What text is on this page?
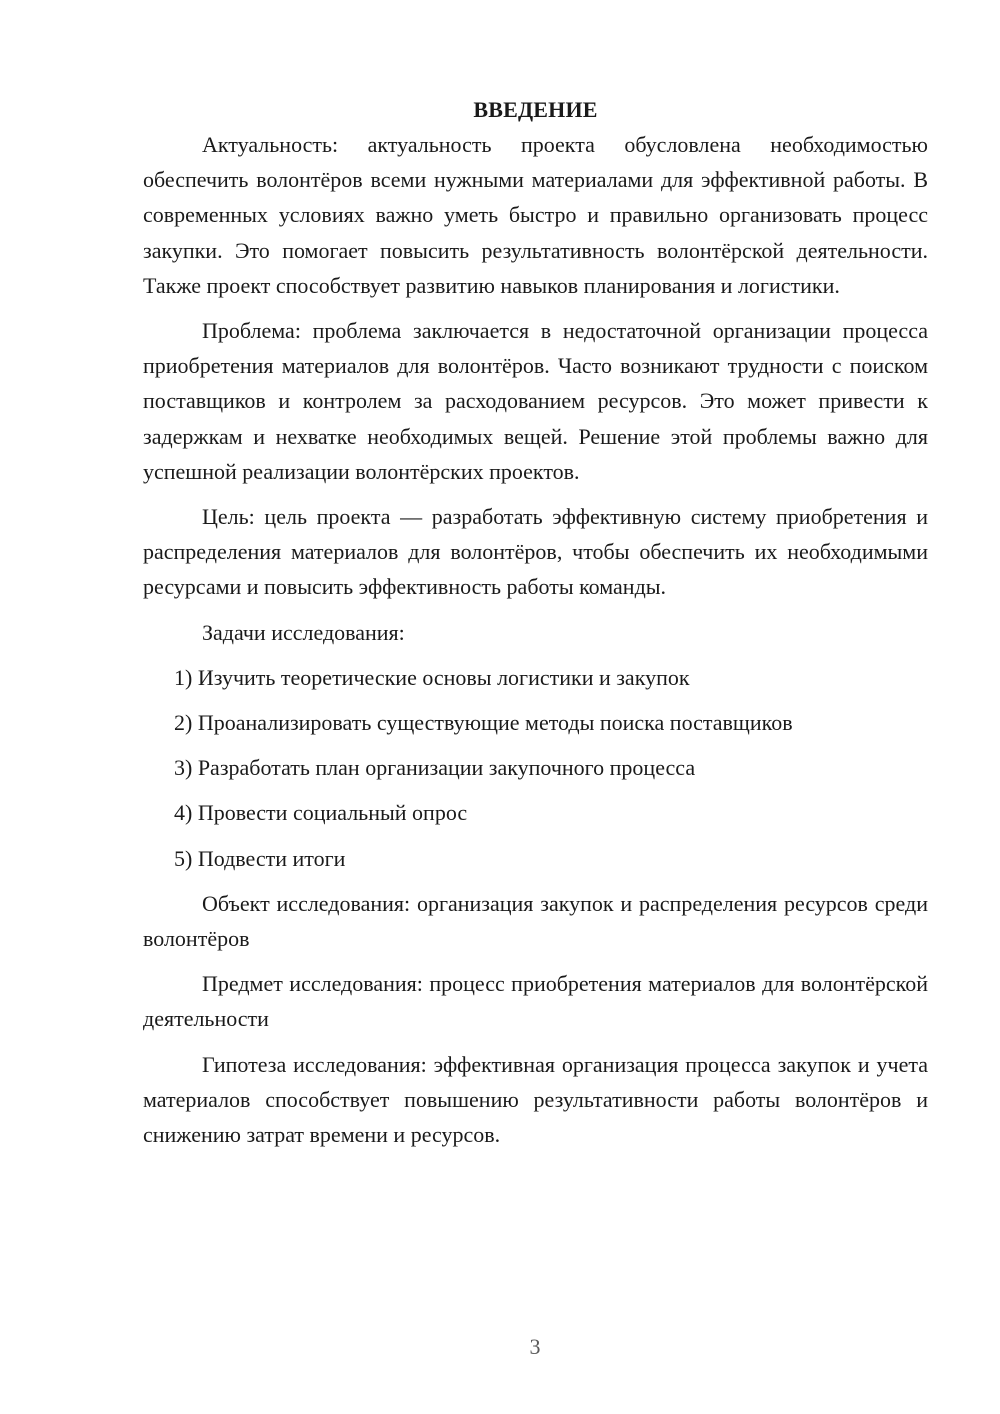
ВВЕДЕНИЕ

Актуальность: актуальность проекта обусловлена необходимостью обеспечить волонтёров всеми нужными материалами для эффективной работы. В современных условиях важно уметь быстро и правильно организовать процесс закупки. Это помогает повысить результативность волонтёрской деятельности. Также проект способствует развитию навыков планирования и логистики.

Проблема: проблема заключается в недостаточной организации процесса приобретения материалов для волонтёров. Часто возникают трудности с поиском поставщиков и контролем за расходованием ресурсов. Это может привести к задержкам и нехватке необходимых вещей. Решение этой проблемы важно для успешной реализации волонтёрских проектов.

Цель: цель проекта — разработать эффективную систему приобретения и распределения материалов для волонтёров, чтобы обеспечить их необходимыми ресурсами и повысить эффективность работы команды.

Задачи исследования:

1) Изучить теоретические основы логистики и закупок
2) Проанализировать существующие методы поиска поставщиков
3) Разработать план организации закупочного процесса
4) Провести социальный опрос
5) Подвести итоги

Объект исследования: организация закупок и распределения ресурсов среди волонтёров

Предмет исследования: процесс приобретения материалов для волонтёрской деятельности

Гипотеза исследования: эффективная организация процесса закупок и учета материалов способствует повышению результативности работы волонтёров и снижению затрат времени и ресурсов.

3
